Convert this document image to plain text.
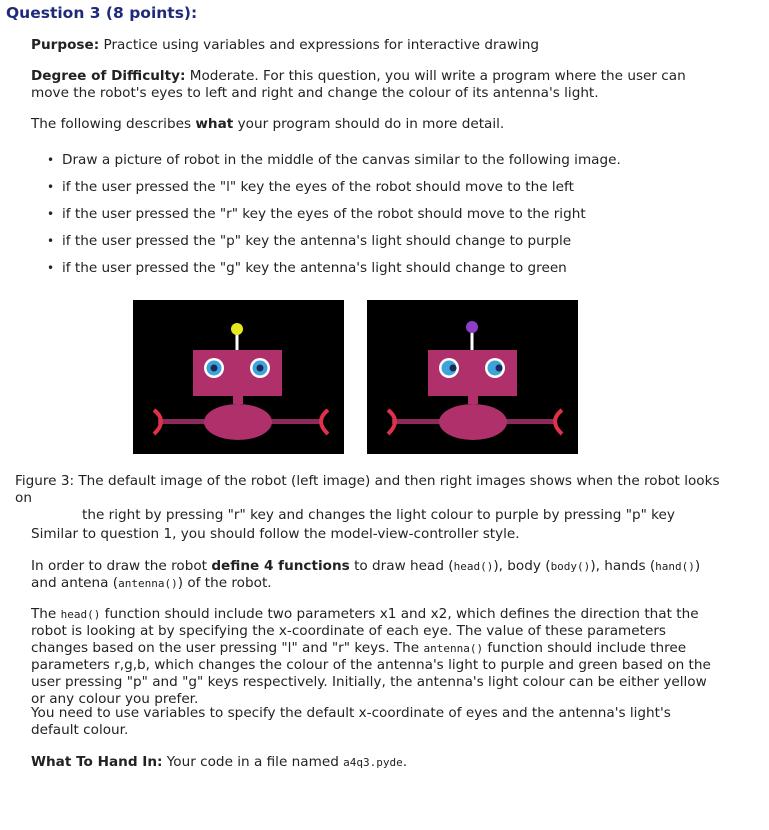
Question 3 (8 points):

Purpose: Practice using variables and expressions for interactive drawing

Degree of Difficulty: Moderate. For this question, you will write a program where the user can move the robot's eyes to left and right and change the colour of its antenna's light.

The following describes what your program should do in more detail.

• Draw a picture of robot in the middle of the canvas similar to the following image.
• if the user pressed the "l" key the eyes of the robot should move to the left
• if the user pressed the "r" key the eyes of the robot should move to the right
• if the user pressed the "p" key the antenna's light should change to purple
• if the user pressed the "g" key the antenna's light should change to green
Figure 3: The default image of the robot (left image) and then right images shows when the robot looks on
the right by pressing "r" key and changes the light colour to purple by pressing "p" key

Similar to question 1, you should follow the model-view-controller style.

In order to draw the robot define 4 functions to draw head (head()), body (body()), hands (hand()) and antena (antenna()) of the robot.

The head() function should include two parameters x1 and x2, which defines the direction that the robot is looking at by specifying the x-coordinate of each eye. The value of these parameters changes based on the user pressing "l" and "r" keys. The antenna() function should include three parameters r,g,b, which changes the colour of the antenna's light to purple and green based on the user pressing "p" and "g" keys respectively. Initially, the antenna's light colour can be either yellow or any colour you prefer.

You need to use variables to specify the default x-coordinate of eyes and the antenna's light's default colour.

What To Hand In: Your code in a file named a4q3.pyde.
